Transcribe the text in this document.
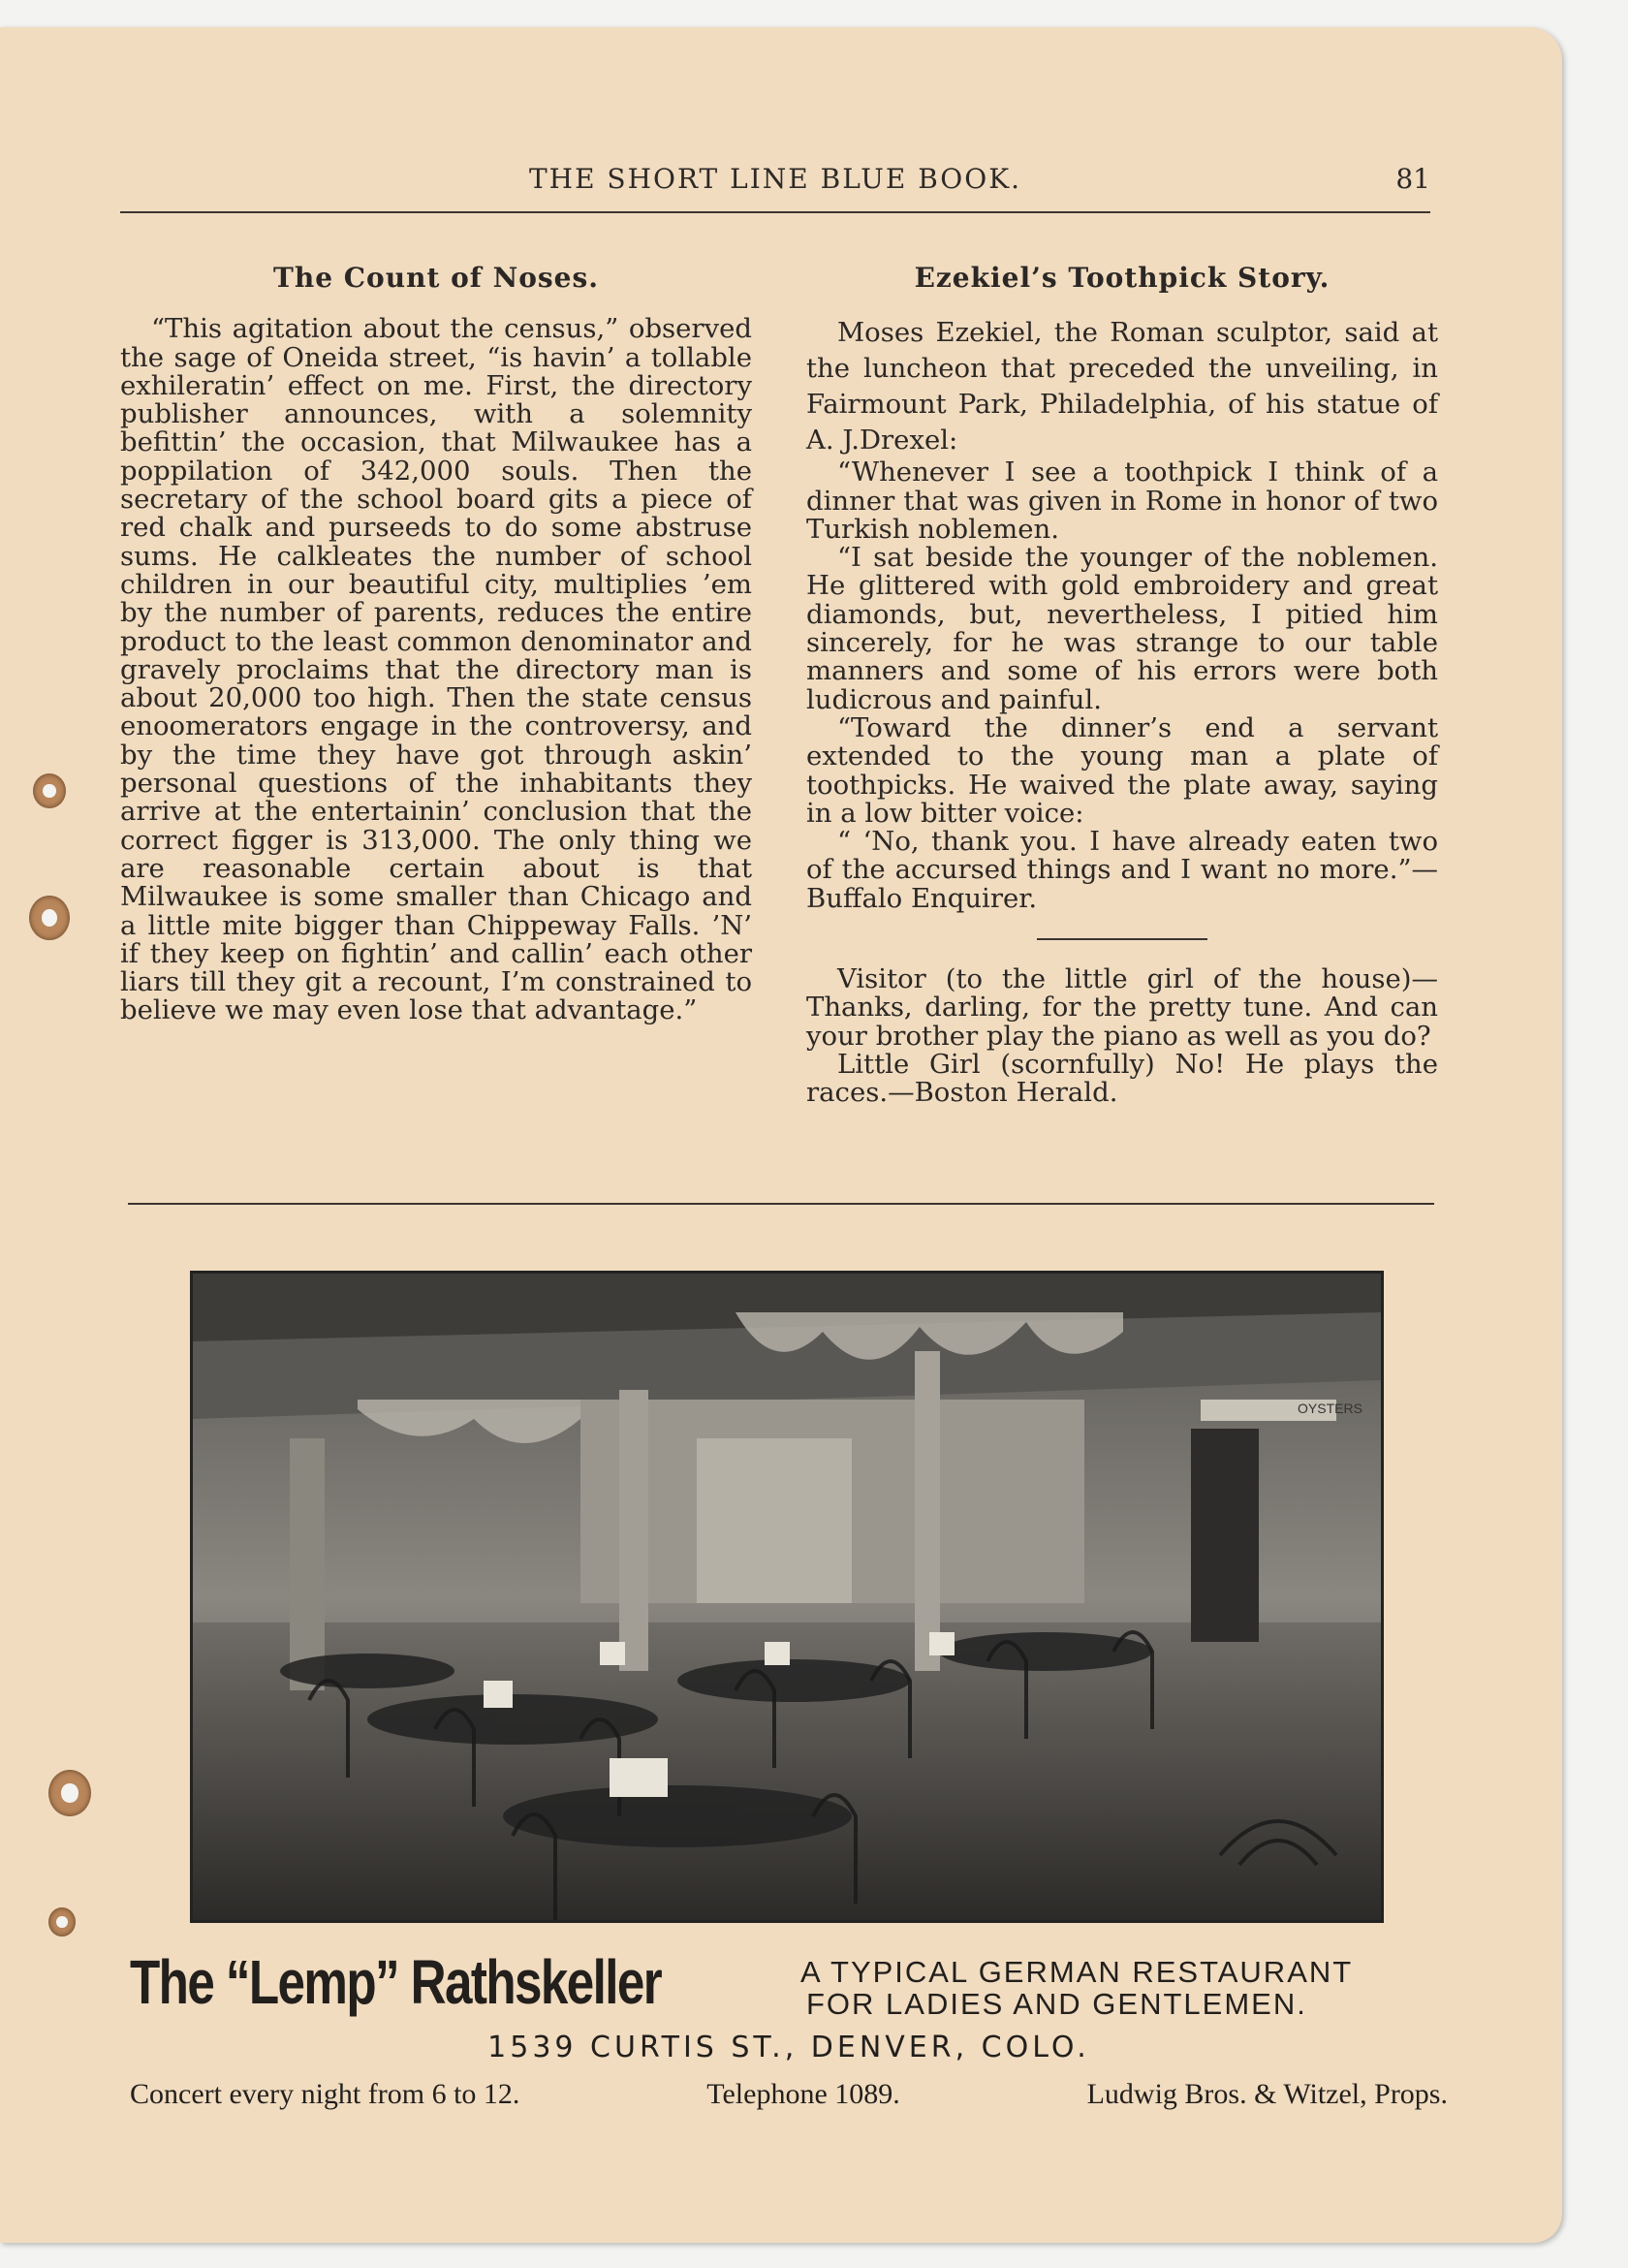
THE SHORT LINE BLUE BOOK.	81
The Count of Noses.

“This agitation about the census,” observed the sage of Oneida street, “is havin’ a tollable exhileratin’ effect on me. First, the directory publisher announces, with a solemnity befittin’ the occasion, that Milwaukee has a poppilation of 342,000 souls. Then the secretary of the school board gits a piece of red chalk and purseeds to do some abstruse sums. He calkleates the number of school children in our beautiful city, multiplies ’em by the number of parents, reduces the entire product to the least common denominator and gravely proclaims that the directory man is about 20,000 too high. Then the state census enoomerators engage in the controversy, and by the time they have got through askin’ personal questions of the inhabitants they arrive at the entertainin’ conclusion that the correct figger is 313,000. The only thing we are reasonable certain about is that Milwaukee is some smaller than Chicago and a little mite bigger than Chippeway Falls. ’N’ if they keep on fightin’ and callin’ each other liars till they git a recount, I’m constrained to believe we may even lose that advantage.”

Ezekiel’s Toothpick Story.

Moses Ezekiel, the Roman sculptor, said at the luncheon that preceded the unveiling, in Fairmount Park, Philadelphia, of his statue of A. J.Drexel:

“Whenever I see a toothpick I think of a dinner that was given in Rome in honor of two Turkish noblemen.

“I sat beside the younger of the noblemen. He glittered with gold embroidery and great diamonds, but, nevertheless, I pitied him sincerely, for he was strange to our table manners and some of his errors were both ludicrous and painful.

“Toward the dinner’s end a servant extended to the young man a plate of toothpicks. He waived the plate away, saying in a low bitter voice:

“ ‘No, thank you. I have already eaten two of the accursed things and I want no more.”—Buffalo Enquirer.

Visitor (to the little girl of the house)—Thanks, darling, for the pretty tune. And can your brother play the piano as well as you do?

Little Girl (scornfully) No! He plays the races.—Boston Herald.

OYSTERS
The “Lemp” Rathskeller	A TYPICAL GERMAN RESTAURANT
FOR LADIES AND GENTLEMEN.
1539 CURTIS ST., DENVER, COLO.
Concert every night from 6 to 12.	Telephone 1089.	Ludwig Bros. & Witzel, Props.
